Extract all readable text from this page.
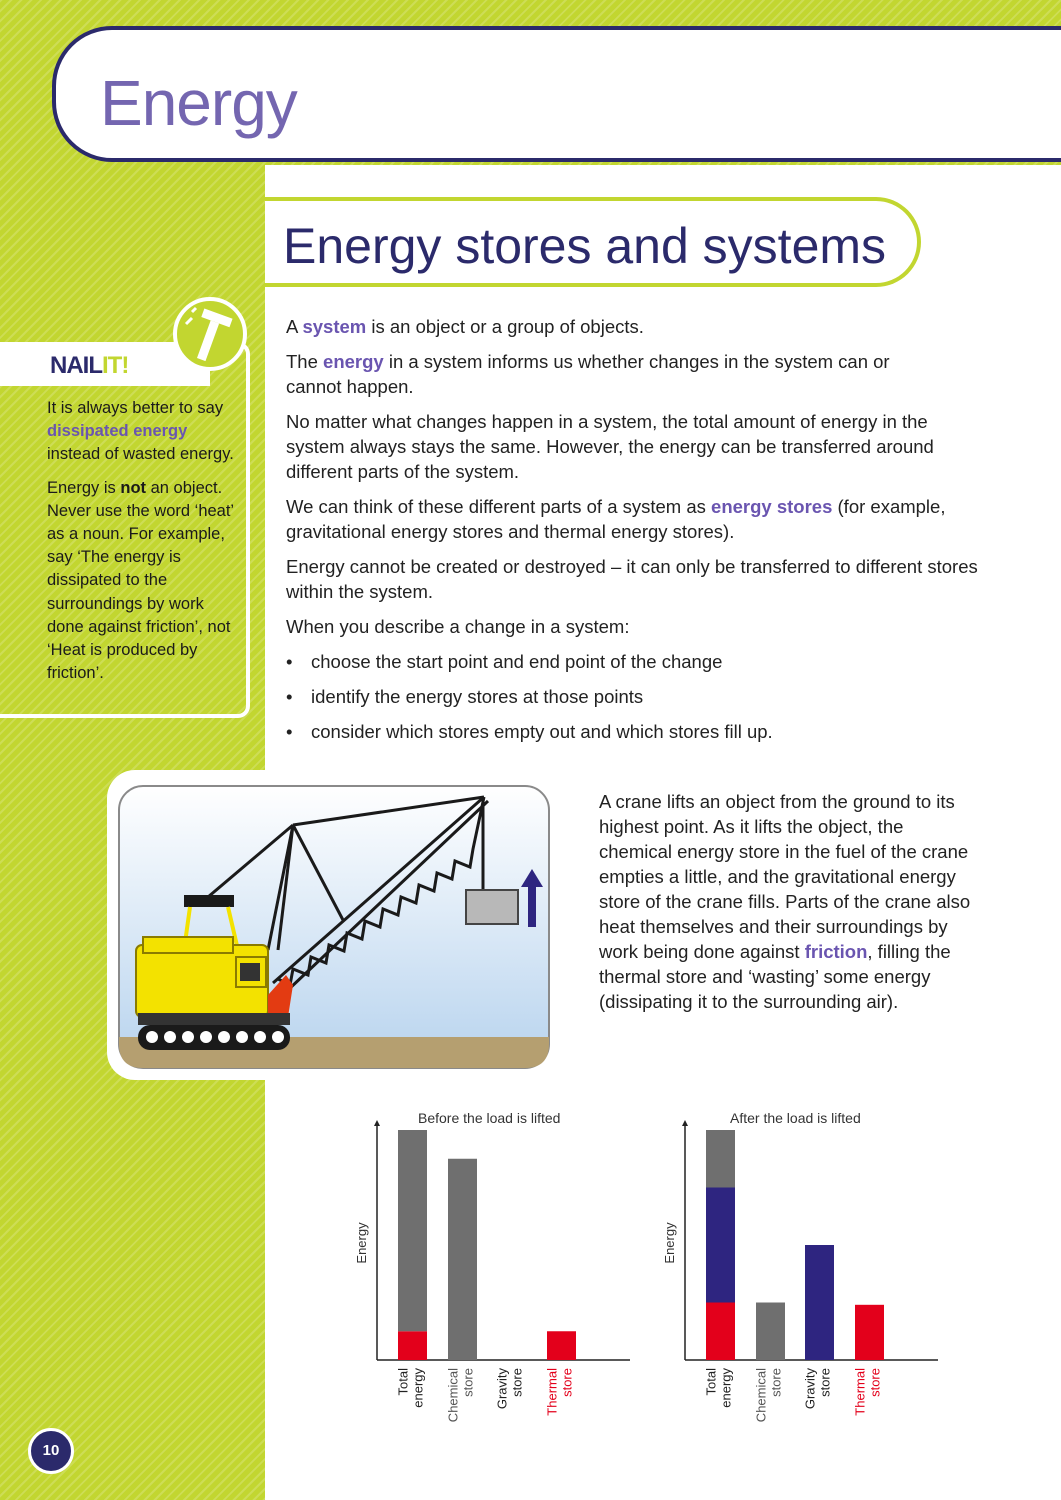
Energy
Energy stores and systems
NAILIT!

It is always better to say dissipated energy instead of wasted energy.

Energy is not an object. Never use the word ‘heat’ as a noun. For example, say ‘The energy is dissipated to the surroundings by work done against friction’, not ‘Heat is produced by friction’.

A system is an object or a group of objects.

The energy in a system informs us whether changes in the system can or cannot happen.

No matter what changes happen in a system, the total amount of energy in the system always stays the same. However, the energy can be transferred around different parts of the system.

We can think of these different parts of a system as energy stores (for example, gravitational energy stores and thermal energy stores).

Energy cannot be created or destroyed – it can only be transferred to different stores within the system.

When you describe a change in a system:

• choose the start point and end point of the change
• identify the energy stores at those points
• consider which stores empty out and which stores fill up.
A crane lifts an object from the ground to its highest point. As it lifts the object, the chemical energy store in the fuel of the crane empties a little, and the gravitational energy store of the crane fills. Parts of the crane also heat themselves and their surroundings by work being done against friction, filling the thermal store and ‘wasting’ some energy (dissipating it to the surrounding air).
Before the load is lifted
Energy
Total energy Chemical store Gravity store Thermal store
After the load is lifted
Energy
Total energy Chemical store Gravity store Thermal store
10
